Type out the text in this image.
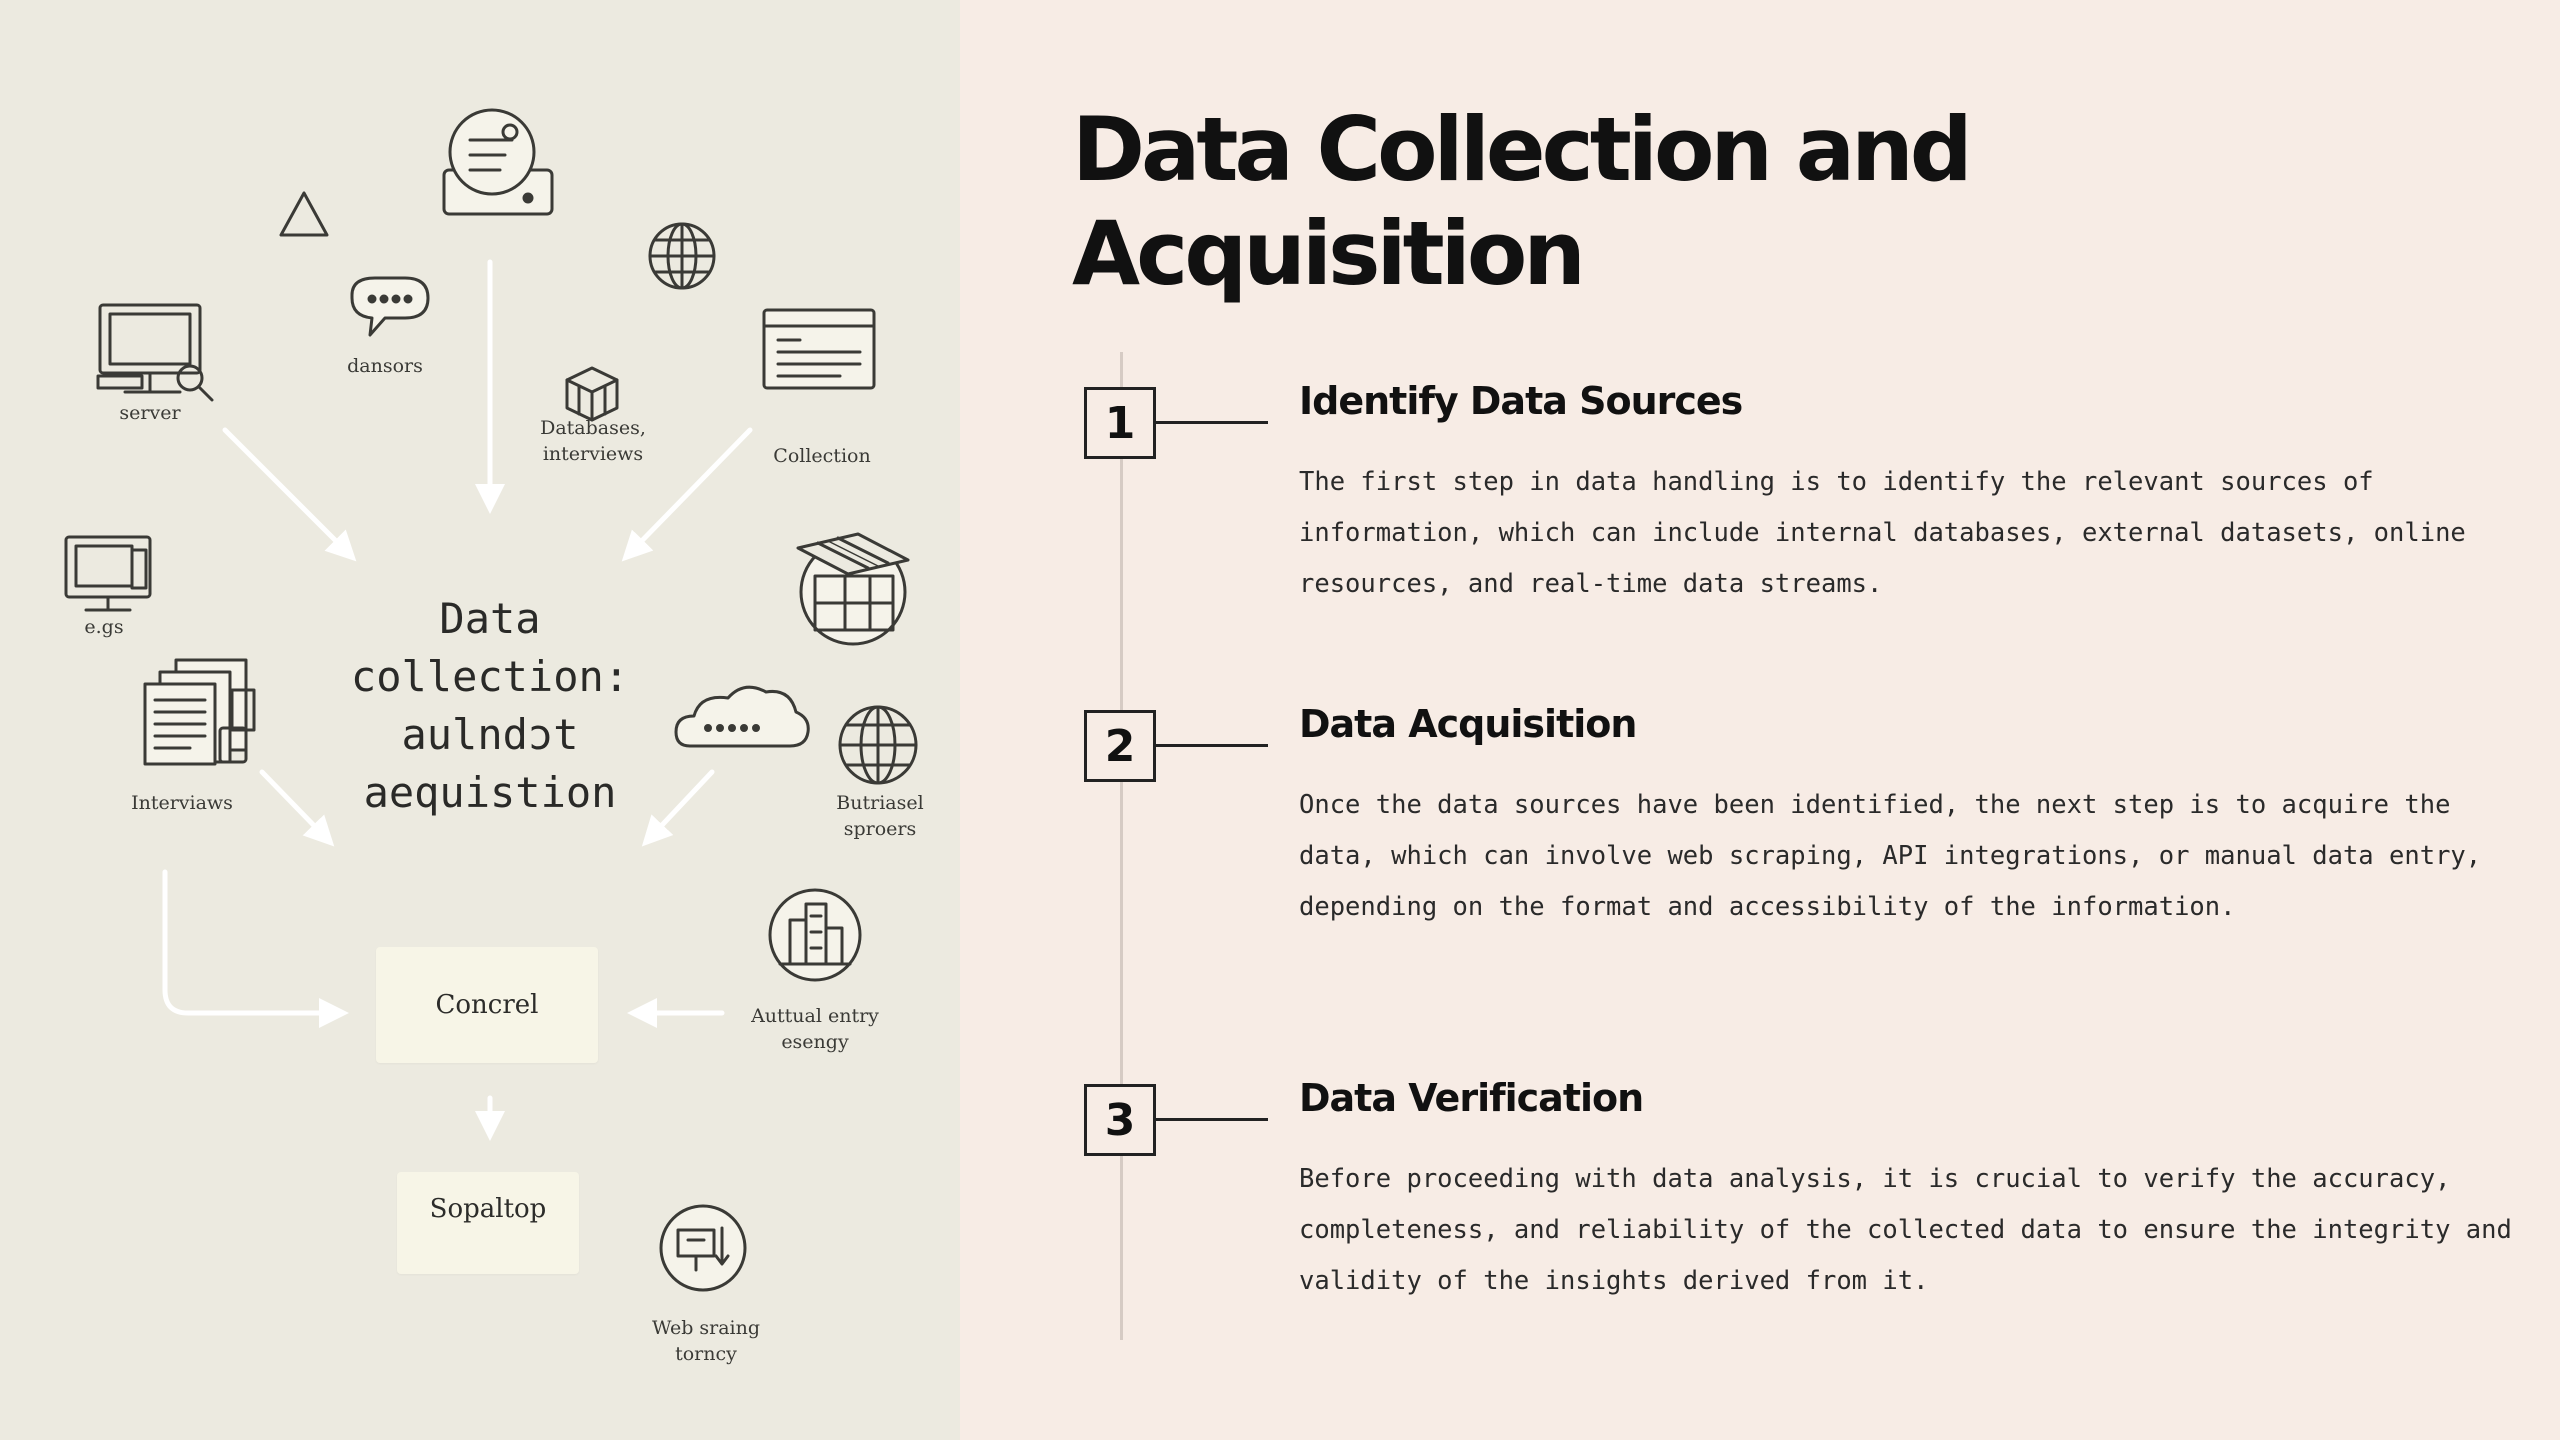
server
dansors
Databases,
interviews	Collection
e.gs
Interviaws	Butriasel
sproers
Auttual entry
esengy
Web sraing
torncy
Data
collection:
aulndɔt
aequistion
Concrel
Sopaltop
Data Collection and Acquisition
1	Identify Data Sources

The first step in data handling is to identify the relevant sources of information, which can include internal databases, external datasets, online resources, and real-time data streams.

2	Data Acquisition

Once the data sources have been identified, the next step is to acquire the data, which can involve web scraping, API integrations, or manual data entry, depending on the format and accessibility of the information.

3	Data Verification

Before proceeding with data analysis, it is crucial to verify the accuracy, completeness, and reliability of the collected data to ensure the integrity and validity of the insights derived from it.
